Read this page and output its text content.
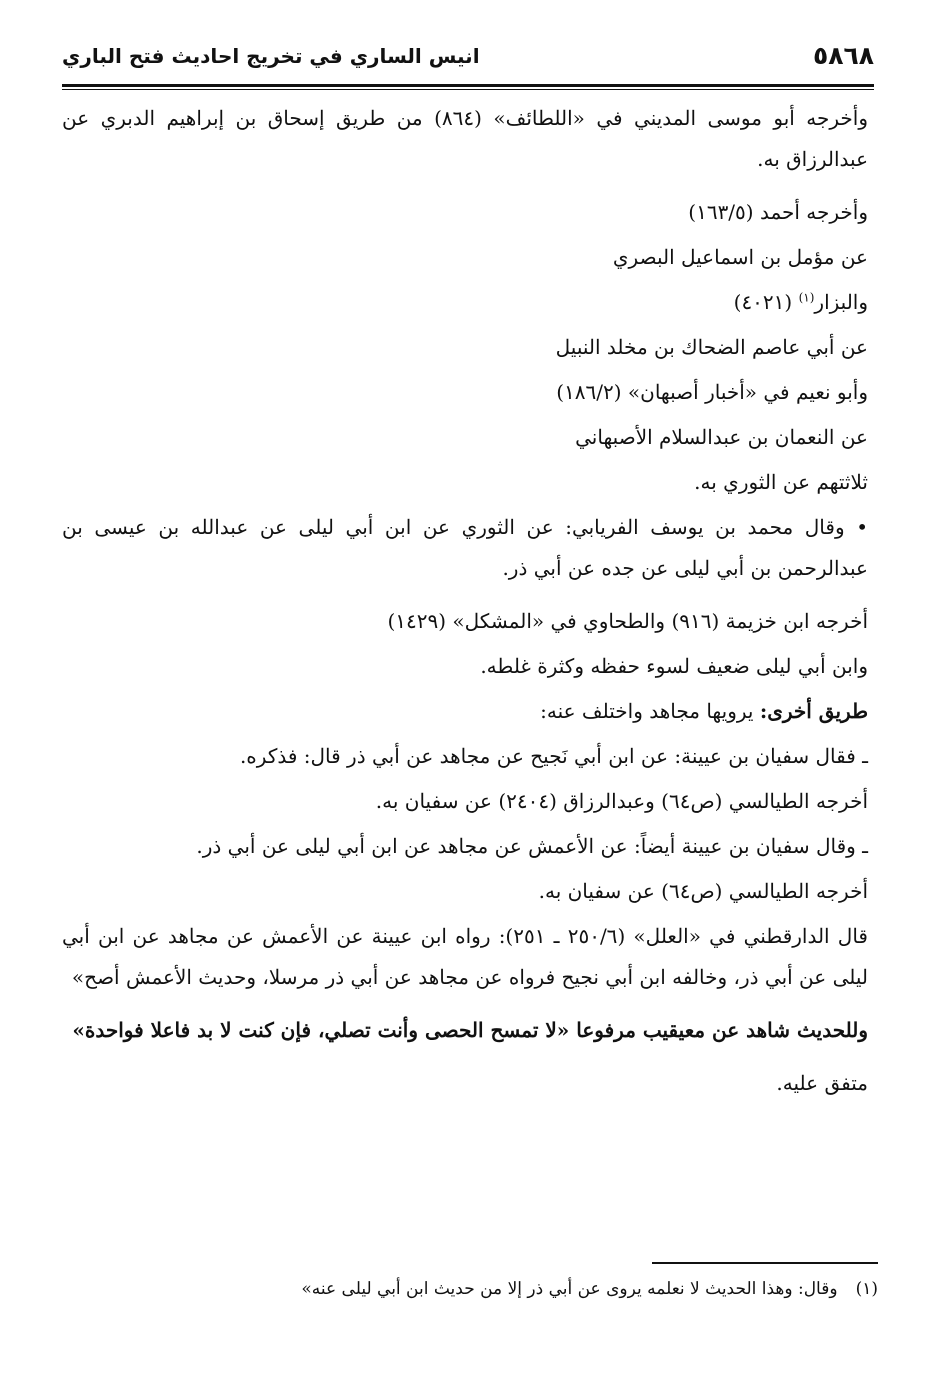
٥٨٦٨
انيس الساري في تخريج احاديث فتح الباري

وأخرجه أبو موسى المديني في «اللطائف» (٨٦٤) من طريق إسحاق بن إبراهيم الدبري عن عبدالرزاق به.

وأخرجه أحمد (١٦٣/٥)

عن مؤمل بن اسماعيل البصري

والبزار$^{(١)}$ (٤٠٢١)

عن أبي عاصم الضحاك بن مخلد النبيل

وأبو نعيم في «أخبار أصبهان» (١٨٦/٢)

عن النعمان بن عبدالسلام الأصبهاني

ثلاثتهم عن الثوري به.

• وقال محمد بن يوسف الفريابي: عن الثوري عن ابن أبي ليلى عن عبدالله بن عيسى بن عبدالرحمن بن أبي ليلى عن جده عن أبي ذر.

أخرجه ابن خزيمة (٩١٦) والطحاوي في «المشكل» (١٤٢٩)

وابن أبي ليلى ضعيف لسوء حفظه وكثرة غلطه.

طريق أخرى: يرويها مجاهد واختلف عنه:

ـ فقال سفيان بن عيينة: عن ابن أبي نَجيح عن مجاهد عن أبي ذر قال: فذكره.

أخرجه الطيالسي (ص٦٤) وعبدالرزاق (٢٤٠٤) عن سفيان به.

ـ وقال سفيان بن عيينة أيضاً: عن الأعمش عن مجاهد عن ابن أبي ليلى عن أبي ذر.

أخرجه الطيالسي (ص٦٤) عن سفيان به.

قال الدارقطني في «العلل» (٢٥٠/٦ ـ ٢٥١): رواه ابن عيينة عن الأعمش عن مجاهد عن ابن أبي ليلى عن أبي ذر، وخالفه ابن أبي نجيح فرواه عن مجاهد عن أبي ذر مرسلا، وحديث الأعمش أصح»

وللحديث شاهد عن معيقيب مرفوعا «لا تمسح الحصى وأنت تصلي، فإن كنت لا بد فاعلا فواحدة»

متفق عليه.

(١)وقال: وهذا الحديث لا نعلمه يروى عن أبي ذر إلا من حديث ابن أبي ليلى عنه»
